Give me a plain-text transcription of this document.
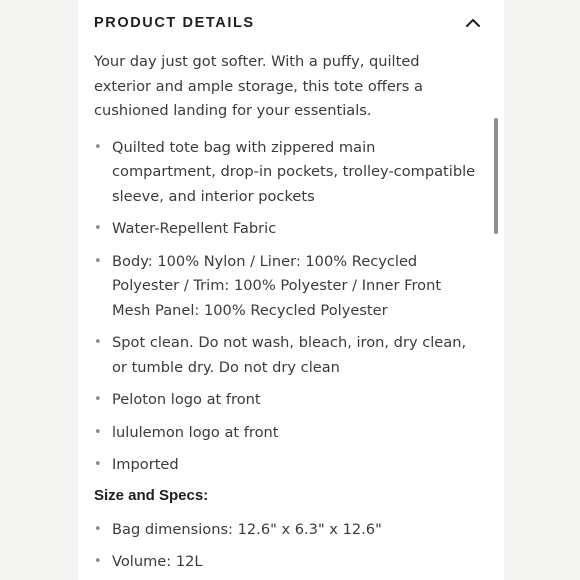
PRODUCT DETAILS

Your day just got softer. With a puffy, quilted exterior and ample storage, this tote offers a cushioned landing for your essentials.

• Quilted tote bag with zippered main compartment, drop-in pockets, trolley-compatible sleeve, and interior pockets
• Water-Repellent Fabric
• Body: 100% Nylon / Liner: 100% Recycled Polyester / Trim: 100% Polyester / Inner Front Mesh Panel: 100% Recycled Polyester
• Spot clean. Do not wash, bleach, iron, dry clean, or tumble dry. Do not dry clean
• Peloton logo at front
• lululemon logo at front
• Imported
Size and Specs:
• Bag dimensions: 12.6" x 6.3" x 12.6"
• Volume: 12L
